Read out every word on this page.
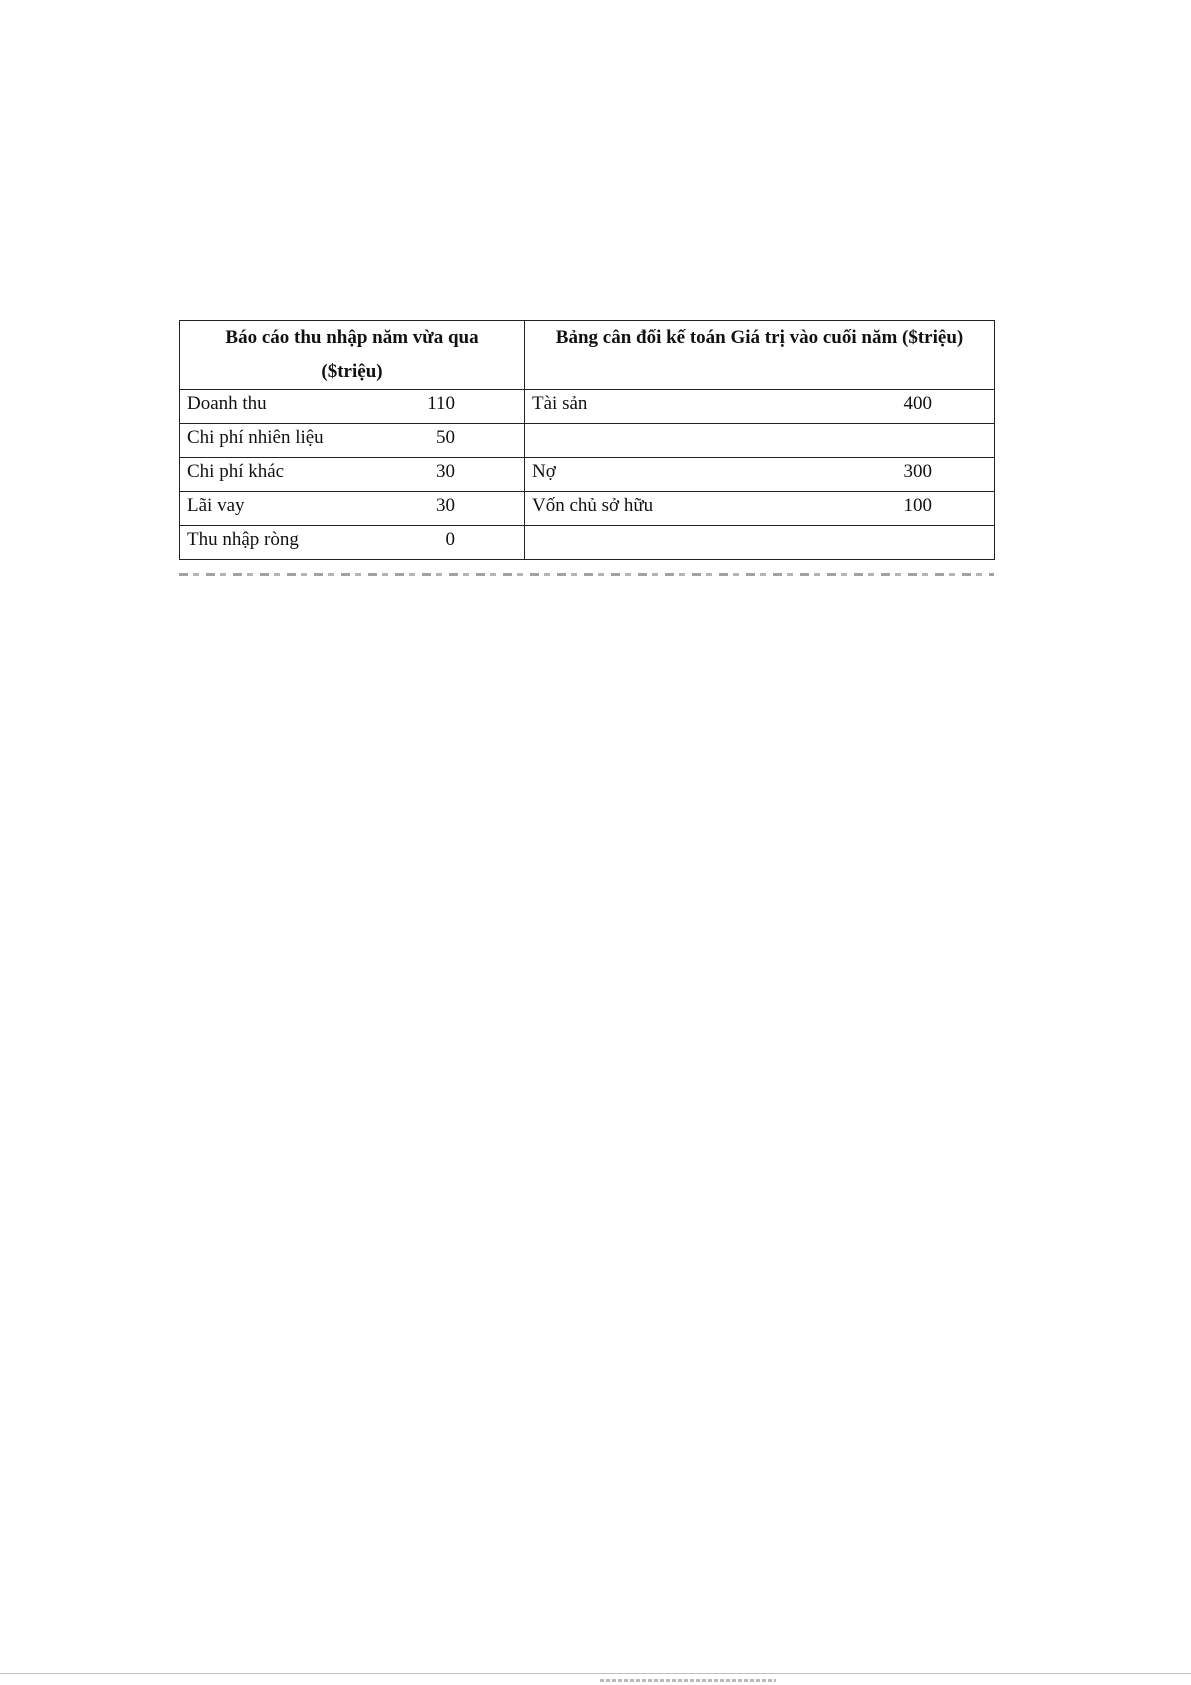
Báo cáo thu nhập năm vừa qua
($triệu)	Bảng cân đối kế toán Giá trị vào cuối năm ($triệu)

Doanh thu 110	Tài sản 400

Chi phí nhiên liệu 50	

Chi phí khác 30	Nợ 300

Lãi vay 30	Vốn chủ sở hữu 100

Thu nhập ròng 0	
